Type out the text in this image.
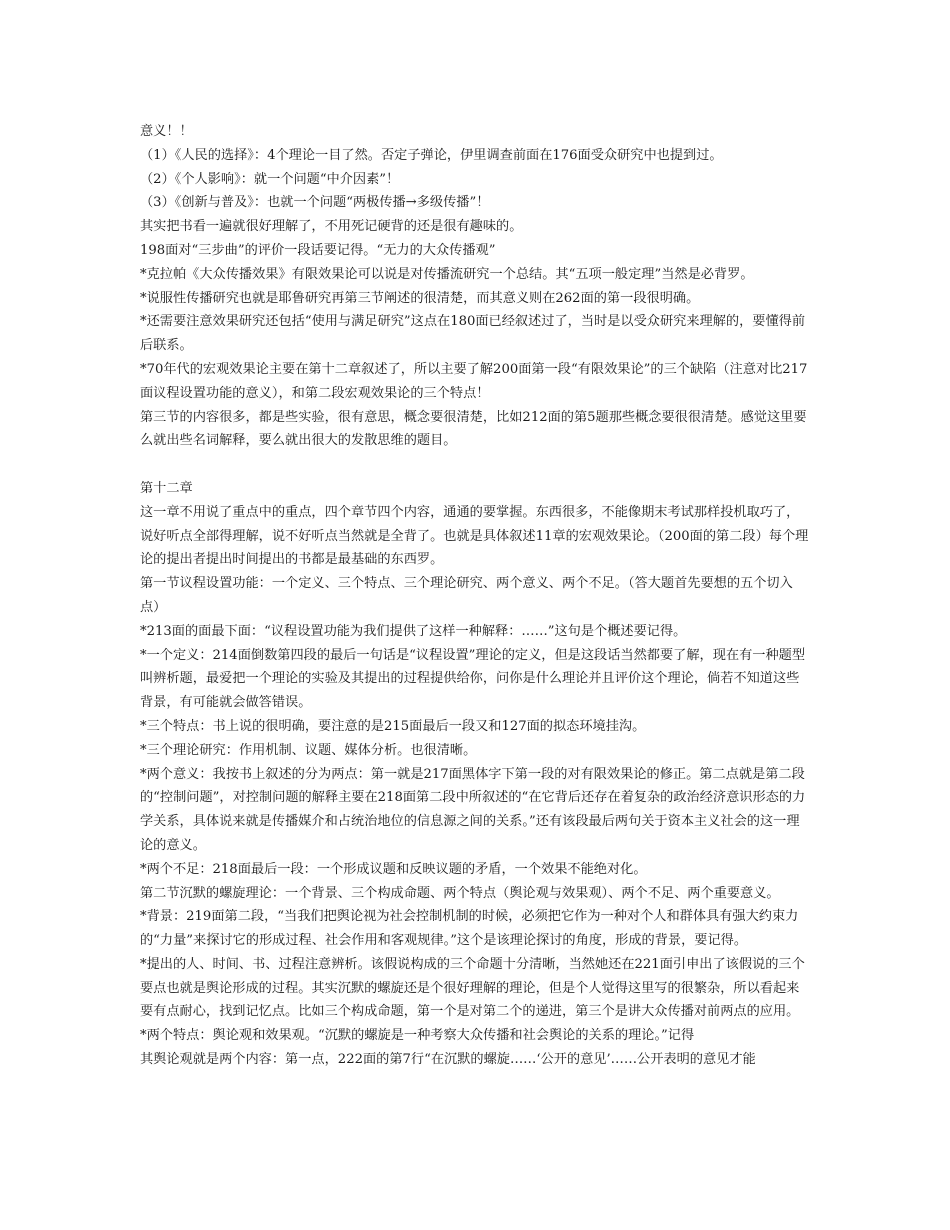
意义！！
（1）《人民的选择》：4个理论一目了然。否定子弹论，伊里调查前面在176面受众研究中也提到过。
（2）《个人影响》：就一个问题“中介因素”！
（3）《创新与普及》：也就一个问题“两极传播→多级传播”！
其实把书看一遍就很好理解了，不用死记硬背的还是很有趣味的。
198面对“三步曲”的评价一段话要记得。“无力的大众传播观”
*克拉帕《大众传播效果》有限效果论可以说是对传播流研究一个总结。其“五项一般定理”当然是必背罗。
*说服性传播研究也就是耶鲁研究再第三节阐述的很清楚，而其意义则在262面的第一段很明确。
*还需要注意效果研究还包括“使用与满足研究”这点在180面已经叙述过了，当时是以受众研究来理解的，要懂得前后联系。
*70年代的宏观效果论主要在第十二章叙述了，所以主要了解200面第一段“有限效果论”的三个缺陷（注意对比217面议程设置功能的意义），和第二段宏观效果论的三个特点！
第三节的内容很多，都是些实验，很有意思，概念要很清楚，比如212面的第5题那些概念要很很清楚。感觉这里要么就出些名词解释，要么就出很大的发散思维的题目。
第十二章
这一章不用说了重点中的重点，四个章节四个内容，通通的要掌握。东西很多，不能像期末考试那样投机取巧了，说好听点全部得理解，说不好听点当然就是全背了。也就是具体叙述11章的宏观效果论。（200面的第二段）每个理论的提出者提出时间提出的书都是最基础的东西罗。
第一节议程设置功能：一个定义、三个特点、三个理论研究、两个意义、两个不足。（答大题首先要想的五个切入点）
*213面的面最下面：“议程设置功能为我们提供了这样一种解释：……”这句是个概述要记得。
*一个定义：214面倒数第四段的最后一句话是“议程设置”理论的定义，但是这段话当然都要了解，现在有一种题型叫辨析题，最爱把一个理论的实验及其提出的过程提供给你，问你是什么理论并且评价这个理论，倘若不知道这些背景，有可能就会做答错误。
*三个特点：书上说的很明确，要注意的是215面最后一段又和127面的拟态环境挂沟。
*三个理论研究：作用机制、议题、媒体分析。也很清晰。
*两个意义：我按书上叙述的分为两点：第一就是217面黑体字下第一段的对有限效果论的修正。第二点就是第二段的“控制问题”，对控制问题的解释主要在218面第二段中所叙述的“在它背后还存在着复杂的政治经济意识形态的力学关系，具体说来就是传播媒介和占统治地位的信息源之间的关系。”还有该段最后两句关于资本主义社会的这一理论的意义。
*两个不足：218面最后一段：一个形成议题和反映议题的矛盾，一个效果不能绝对化。
第二节沉默的螺旋理论：一个背景、三个构成命题、两个特点（舆论观与效果观）、两个不足、两个重要意义。
*背景：219面第二段，“当我们把舆论视为社会控制机制的时候，必须把它作为一种对个人和群体具有强大约束力的“力量”来探讨它的形成过程、社会作用和客观规律。”这个是该理论探讨的角度，形成的背景，要记得。
*提出的人、时间、书、过程注意辨析。该假说构成的三个命题十分清晰，当然她还在221面引申出了该假说的三个要点也就是舆论形成的过程。其实沉默的螺旋还是个很好理解的理论，但是个人觉得这里写的很繁杂，所以看起来要有点耐心，找到记忆点。比如三个构成命题，第一个是对第二个的递进，第三个是讲大众传播对前两点的应用。
*两个特点：舆论观和效果观。“沉默的螺旋是一种考察大众传播和社会舆论的关系的理论。”记得
其舆论观就是两个内容：第一点，222面的第7行“在沉默的螺旋……‘公开的意见’……公开表明的意见才能
